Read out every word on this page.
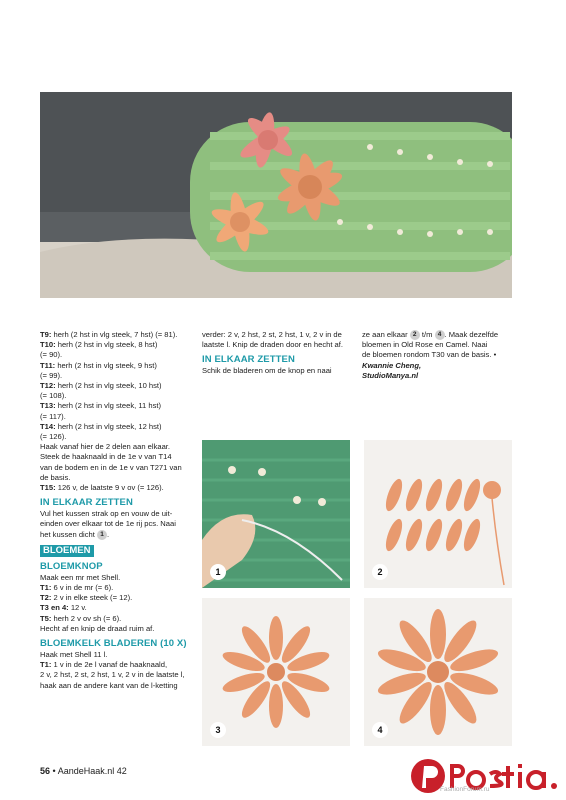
T9: herh (2 hst in vlg steek, 7 hst) (= 81).

T10: herh (2 hst in vlg steek, 8 hst)

(= 90).

T11: herh (2 hst in vlg steek, 9 hst)

(= 99).

T12: herh (2 hst in vlg steek, 10 hst)

(= 108).

T13: herh (2 hst in vlg steek, 11 hst)

(= 117).

T14: herh (2 hst in vlg steek, 12 hst)

(= 126).

Haak vanaf hier de 2 delen aan elkaar.

Steek de haaknaald in de 1e v van T14

van de bodem en in de 1e v van T271 van

de basis.

T15: 126 v, de laatste 9 v ov (= 126).

IN ELKAAR ZETTEN

Vul het kussen strak op en vouw de uit-

einden over elkaar tot de 1e rij pcs. Naai

het kussen dicht 1 .

BLOEMEN
BLOEMKNOP

Maak een mr met Shell.

T1: 6 v in de mr (= 6).

T2: 2 v in elke steek (= 12).

T3 en 4: 12 v.

T5: herh 2 v ov sh (= 6).

Hecht af en knip de draad ruim af.

BLOEMKELK BLADEREN (10 X)

Haak met Shell 11 l.

T1: 1 v in de 2e l vanaf de haaknaald,

2 v, 2 hst, 2 st, 2 hst, 1 v, 2 v in de laatste l,

haak aan de andere kant van de l-ketting

verder: 2 v, 2 hst, 2 st, 2 hst, 1 v, 2 v in de

laatste l. Knip de draden door en hecht af.

IN ELKAAR ZETTEN

Schik de bladeren om de knop en naai

ze aan elkaar 2 t/m 4 . Maak dezelfde

bloemen in Old Rose en Camel. Naai

de bloemen rondom T30 van de basis. •

Kwannie Cheng,

StudioManya.nl

1	2
3	4
56 • AandeHaak.nl 42
FashionForum.ru
